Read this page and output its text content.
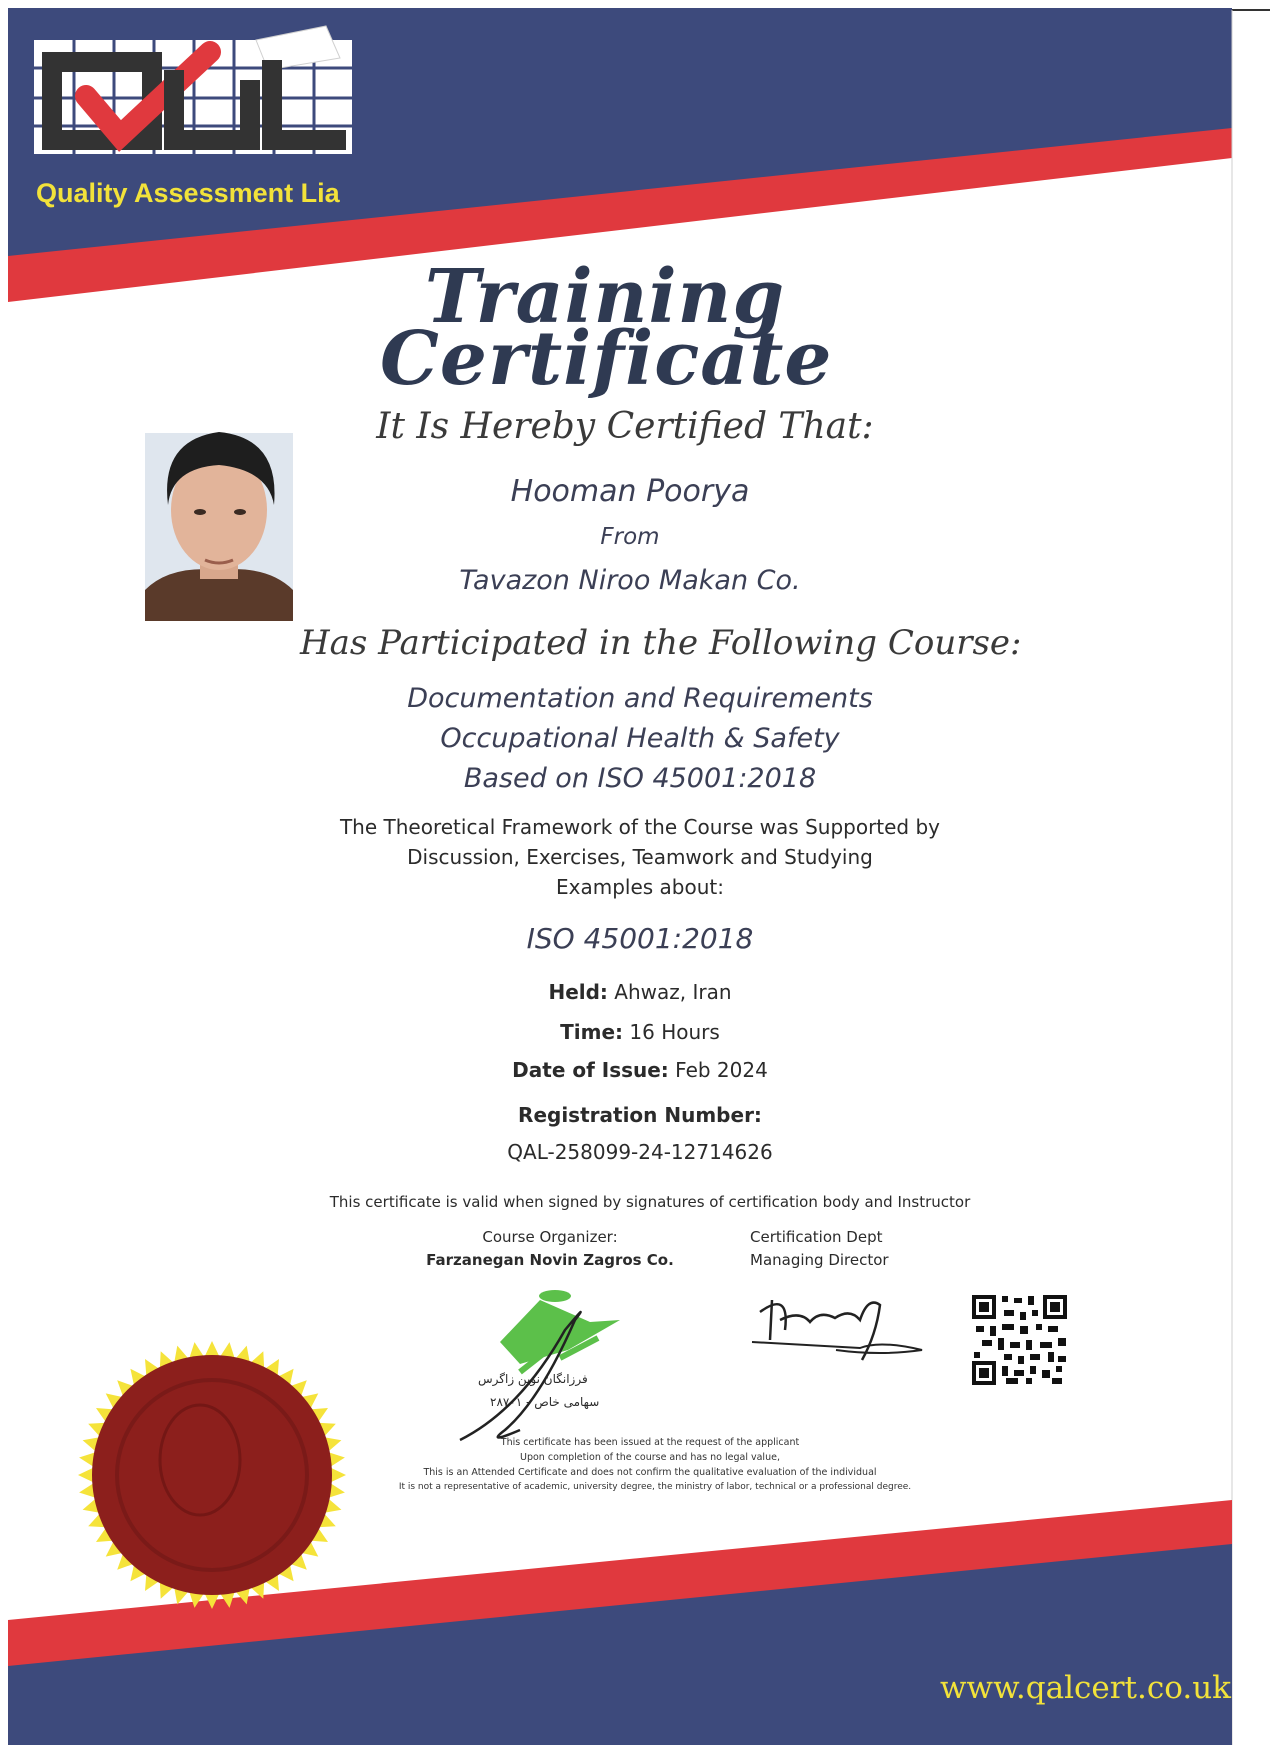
Quality Assessment Lia
Training
Certificate
It Is Hereby Certified That:
Hooman Poorya
From
Tavazon Niroo Makan Co.
Has Participated in the Following Course:
Documentation and Requirements
Occupational Health & Safety
Based on ISO 45001:2018
The Theoretical Framework of the Course was Supported by
Discussion, Exercises, Teamwork and Studying
Examples about:
ISO 45001:2018
Held: Ahwaz, Iran
Time: 16 Hours
Date of Issue: Feb 2024
Registration Number:
QAL-258099-24-12714626
This certificate is valid when signed by signatures of certification body and Instructor
Course Organizer:
Farzanegan Novin Zagros Co.
Certification Dept
Managing Director
فرزانگان نوین زاگرس
سهامی خاص - ۲۸۷۰۱
This certificate has been issued at the request of the applicant
Upon completion of the course and has no legal value,
This is an Attended Certificate and does not confirm the qualitative evaluation of the individual
It is not a representative of academic, university degree, the ministry of labor, technical or a professional degree.
www.qalcert.co.uk
